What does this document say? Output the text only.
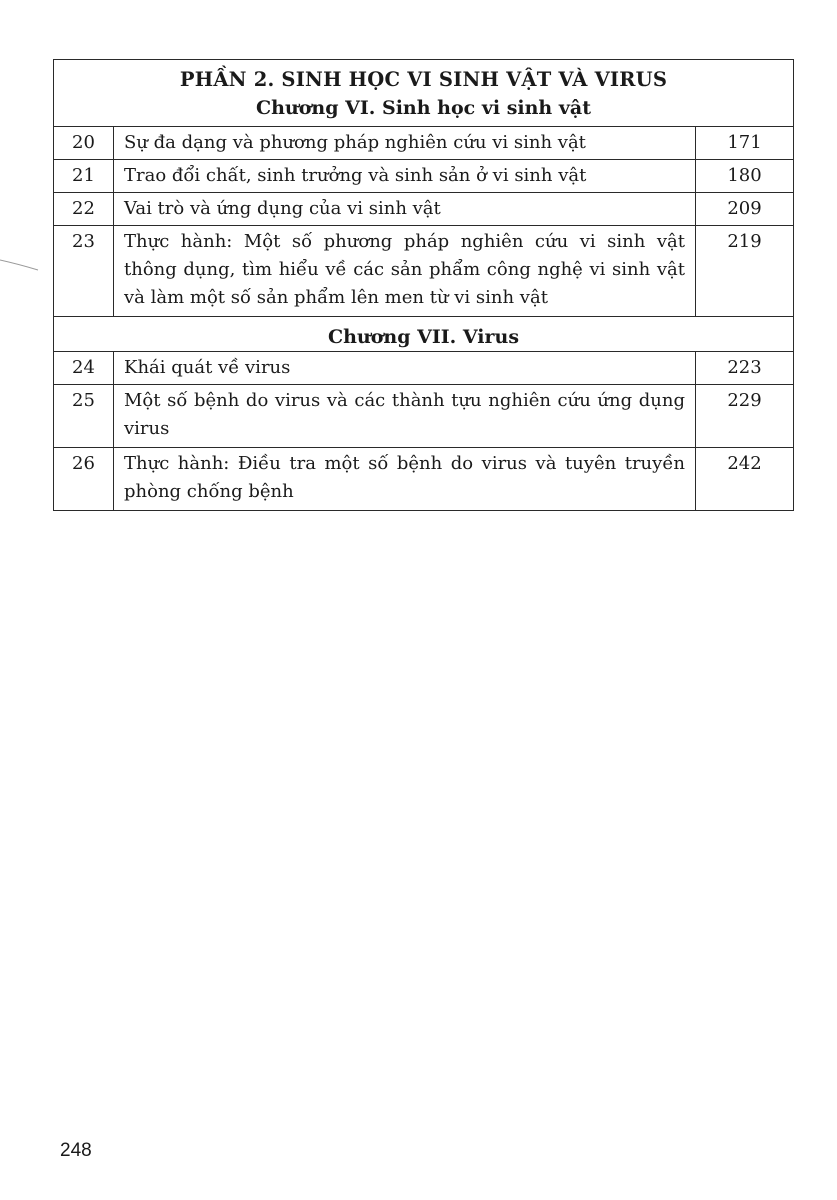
PHẦN 2. SINH HỌC VI SINH VẬT VÀ VIRUS
Chương VI. Sinh học vi sinh vật		

20	Sự đa dạng và phương pháp nghiên cứu vi sinh vật	171
21	Trao đổi chất, sinh trưởng và sinh sản ở vi sinh vật	180
22	Vai trò và ứng dụng của vi sinh vật	209
23	Thực hành: Một số phương pháp nghiên cứu vi sinh vật thông dụng, tìm hiểu về các sản phẩm công nghệ vi sinh vật và làm một số sản phẩm lên men từ vi sinh vật	219

Chương VII. Virus		

24	Khái quát về virus	223
25	Một số bệnh do virus và các thành tựu nghiên cứu ứng dụng virus	229
26	Thực hành: Điều tra một số bệnh do virus và tuyên truyền phòng chống bệnh	242
248
